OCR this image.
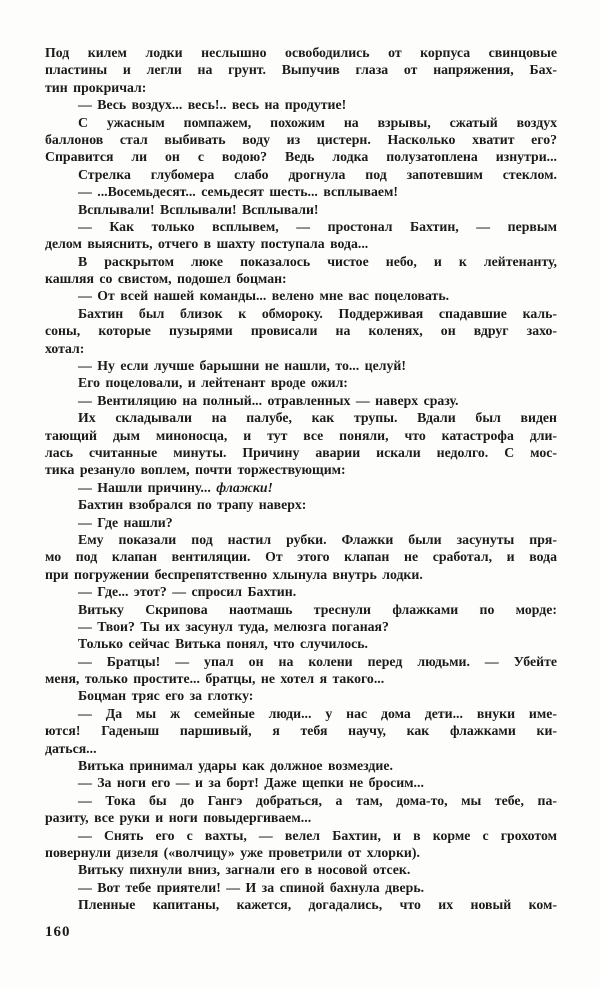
Под килем лодки неслышно освободились от корпуса свинцовые
пластины и легли на грунт. Выпучив глаза от напряжения, Бах-
тин прокричал:
— Весь воздух... весь!.. весь на продутие!
С ужасным помпажем, похожим на взрывы, сжатый воздух
баллонов стал выбивать воду из цистерн. Насколько хватит его?
Справится ли он с водою? Ведь лодка полузатоплена изнутри...
Стрелка глубомера слабо дрогнула под запотевшим стеклом.
— ...Восемьдесят... семьдесят шесть... всплываем!
Всплывали! Всплывали! Всплывали!
— Как только всплывем, — простонал Бахтин, — первым
делом выяснить, отчего в шахту поступала вода...
В раскрытом люке показалось чистое небо, и к лейтенанту,
кашляя со свистом, подошел боцман:
— От всей нашей команды... велено мне вас поцеловать.
Бахтин был близок к обмороку. Поддерживая спадавшие каль-
соны, которые пузырями провисали на коленях, он вдруг захо-
хотал:
— Ну если лучше барышни не нашли, то... целуй!
Его поцеловали, и лейтенант вроде ожил:
— Вентиляцию на полный... отравленных — наверх сразу.
Их складывали на палубе, как трупы. Вдали был виден
тающий дым миноносца, и тут все поняли, что катастрофа дли-
лась считанные минуты. Причину аварии искали недолго. С мос-
тика резануло воплем, почти торжествующим:
— Нашли причину... флажки!
Бахтин взобрался по трапу наверх:
— Где нашли?
Ему показали под настил рубки. Флажки были засунуты пря-
мо под клапан вентиляции. От этого клапан не сработал, и вода
при погружении беспрепятственно хлынула внутрь лодки.
— Где... этот? — спросил Бахтин.
Витьку Скрипова наотмашь треснули флажками по морде:
— Твои? Ты их засунул туда, мелюзга поганая?
Только сейчас Витька понял, что случилось.
— Братцы! — упал он на колени перед людьми. — Убейте
меня, только простите... братцы, не хотел я такого...
Боцман тряс его за глотку:
— Да мы ж семейные люди... у нас дома дети... внуки име-
ются! Гаденыш паршивый, я тебя научу, как флажками ки-
даться...
Витька принимал удары как должное возмездие.
— За ноги его — и за борт! Даже щепки не бросим...
— Тока бы до Гангэ добраться, а там, дома-то, мы тебе, па-
разиту, все руки и ноги повыдергиваем...
— Снять его с вахты, — велел Бахтин, и в корме с грохотом
повернули дизеля («волчицу» уже проветрили от хлорки).
Витьку пихнули вниз, загнали его в носовой отсек.
— Вот тебе приятели! — И за спиной бахнула дверь.
Пленные капитаны, кажется, догадались, что их новый ком-
160
